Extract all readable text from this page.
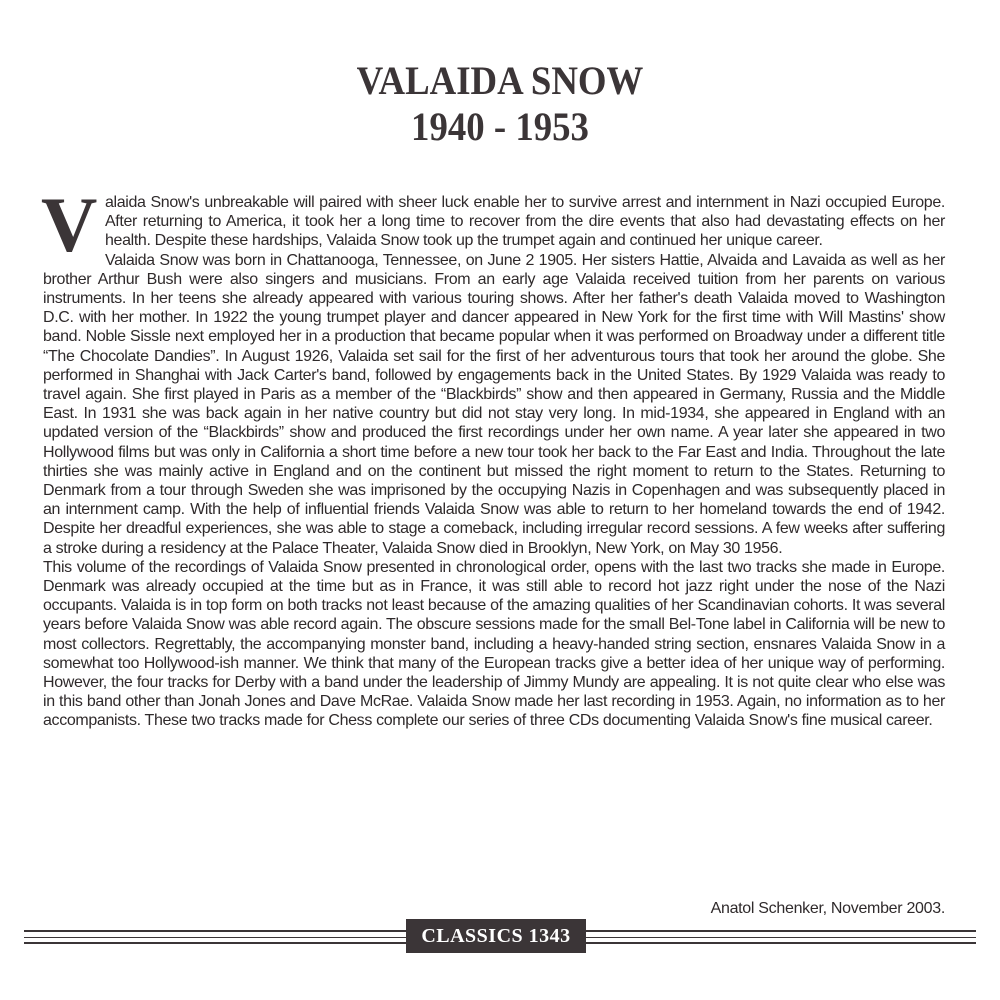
VALAIDA SNOW
1940 - 1953

Valaida Snow's unbreakable will paired with sheer luck enable her to survive arrest and internment in Nazi occupied Europe. After returning to America, it took her a long time to recover from the dire events that also had devastating effects on her health. Despite these hardships, Valaida Snow took up the trumpet again and continued her unique career.

Valaida Snow was born in Chattanooga, Tennessee, on June 2 1905. Her sisters Hattie, Alvaida and Lavaida as well as her brother Arthur Bush were also singers and musicians. From an early age Valaida received tuition from her parents on various instruments. In her teens she already appeared with various touring shows. After her father's death Valaida moved to Washington D.C. with her mother. In 1922 the young trumpet player and dancer appeared in New York for the first time with Will Mastins' show band. Noble Sissle next employed her in a production that became popular when it was performed on Broadway under a different title “The Chocolate Dandies”. In August 1926, Valaida set sail for the first of her adventurous tours that took her around the globe. She performed in Shanghai with Jack Carter's band, followed by engagements back in the United States. By 1929 Valaida was ready to travel again. She first played in Paris as a member of the “Blackbirds” show and then appeared in Germany, Russia and the Middle East. In 1931 she was back again in her native country but did not stay very long. In mid-1934, she appeared in England with an updated version of the “Blackbirds” show and produced the first recordings under her own name. A year later she appeared in two Hollywood films but was only in California a short time before a new tour took her back to the Far East and India. Throughout the late thirties she was mainly active in England and on the continent but missed the right moment to return to the States. Returning to Denmark from a tour through Sweden she was imprisoned by the occupying Nazis in Copenhagen and was subsequently placed in an internment camp. With the help of influential friends Valaida Snow was able to return to her homeland towards the end of 1942. Despite her dreadful experiences, she was able to stage a comeback, including irregular record sessions. A few weeks after suffering a stroke during a residency at the Palace Theater, Valaida Snow died in Brooklyn, New York, on May 30 1956.

This volume of the recordings of Valaida Snow presented in chronological order, opens with the last two tracks she made in Europe. Denmark was already occupied at the time but as in France, it was still able to record hot jazz right under the nose of the Nazi occupants. Valaida is in top form on both tracks not least because of the amazing qualities of her Scandinavian cohorts. It was several years before Valaida Snow was able record again. The obscure sessions made for the small Bel-Tone label in California will be new to most collectors. Regrettably, the accompanying monster band, including a heavy-handed string section, ensnares Valaida Snow in a somewhat too Hollywood-ish manner. We think that many of the European tracks give a better idea of her unique way of performing. However, the four tracks for Derby with a band under the leadership of Jimmy Mundy are appealing. It is not quite clear who else was in this band other than Jonah Jones and Dave McRae. Valaida Snow made her last recording in 1953. Again, no information as to her accompanists. These two tracks made for Chess complete our series of three CDs documenting Valaida Snow's fine musical career.

Anatol Schenker, November 2003.
CLASSICS 1343
